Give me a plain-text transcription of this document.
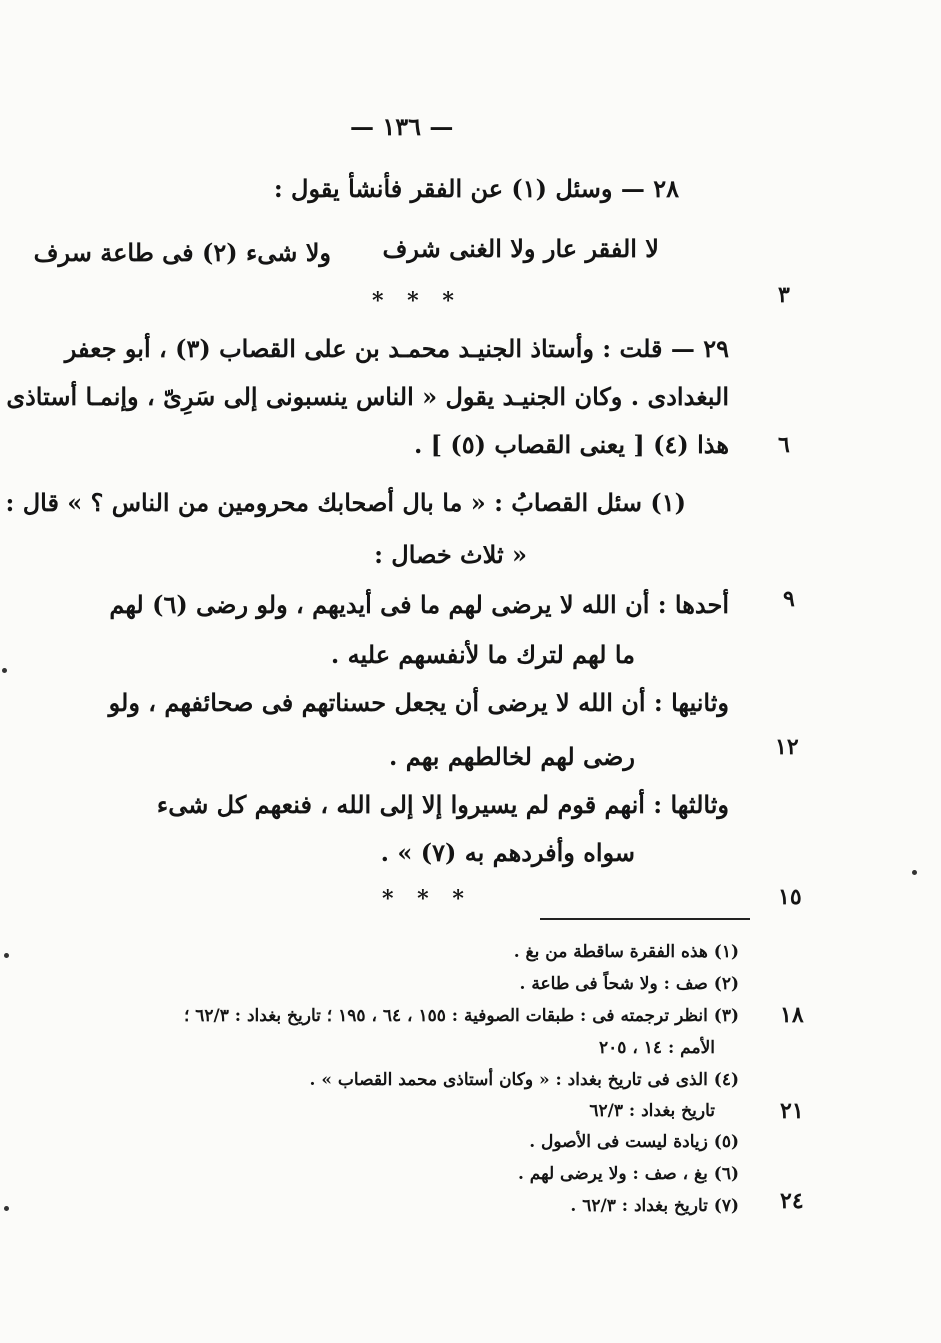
— ١٣٦ —
٢٨ — وسئل (١) عن الفقر فأنشأ يقول :
لا الفقر عار ولا الغنى شرف
ولا شىء (٢) فى طاعة سرف
* * *
٢٩ — قلت : وأستاذ الجنيـد محمـد بن على القصاب (٣) ، أبو جعفر
البغدادى . وكان الجنيـد يقول « الناس ينسبونى إلى سَرِىّ ، وإنمـا أستاذى
هذا (٤) [ يعنى القصاب (٥) ] .
(١) سئل القصابُ : « ما بال أصحابك محرومين من الناس ؟ » قال :
« ثلاث خصال :
أحدها : أن الله لا يرضى لهم ما فى أيديهم ، ولو رضى (٦) لهم
ما لهم لترك ما لأنفسهم عليه .
وثانيها : أن الله لا يرضى أن يجعل حسناتهم فى صحائفهم ، ولو
رضى لهم لخالطهم بهم .
وثالثها : أنهم قوم لم يسيروا إلا إلى الله ، فنعهم كل شىء
سواه وأفردهم به (٧) » .
* * *
(١) هذه الفقرة ساقطة من بغ .
(٢) صف : ولا شحاً فى طاعة .
(٣) انظر ترجمته فى : طبقات الصوفية : ١٥٥ ، ٦٤ ، ١٩٥ ؛ تاريخ بغداد : ٦٢/٣ ؛
الأمم : ١٤ ، ٢٠٥
(٤) الذى فى تاريخ بغداد : « وكان أستاذى محمد القصاب » .
تاريخ بغداد : ٦٢/٣
(٥) زيادة ليست فى الأصول .
(٦) بغ ، صف : ولا يرضى لهم .
(٧) تاريخ بغداد : ٦٢/٣ .
٣
٦
٩
١٢
١٥
١٨
٢١
٢٤
